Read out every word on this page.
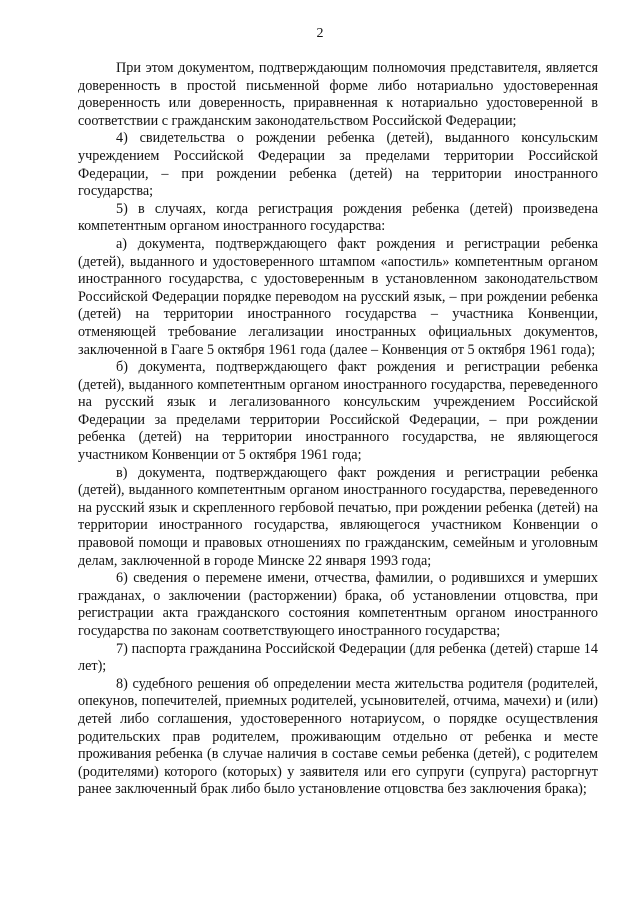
2

При этом документом, подтверждающим полномочия представителя, является доверенность в простой письменной форме либо нотариально удостоверенная доверенность или доверенность, приравненная к нотариально удостоверенной в соответствии с гражданским законодательством Российской Федерации;

4) свидетельства о рождении ребенка (детей), выданного консульским учреждением Российской Федерации за пределами территории Российской Федерации, – при рождении ребенка (детей) на территории иностранного государства;

5) в случаях, когда регистрация рождения ребенка (детей) произведена компетентным органом иностранного государства:

а) документа, подтверждающего факт рождения и регистрации ребенка (детей), выданного и удостоверенного штампом «апостиль» компетентным органом иностранного государства, с удостоверенным в установленном законодательством Российской Федерации порядке переводом на русский язык, – при рождении ребенка (детей) на территории иностранного государства – участника Конвенции, отменяющей требование легализации иностранных официальных документов, заключенной в Гааге 5 октября 1961 года (далее – Конвенция от 5 октября 1961 года);

б) документа, подтверждающего факт рождения и регистрации ребенка (детей), выданного компетентным органом иностранного государства, переведенного на русский язык и легализованного консульским учреждением Российской Федерации за пределами территории Российской Федерации, – при рождении ребенка (детей) на территории иностранного государства, не являющегося участником Конвенции от 5 октября 1961 года;

в) документа, подтверждающего факт рождения и регистрации ребенка (детей), выданного компетентным органом иностранного государства, переведенного на русский язык и скрепленного гербовой печатью, при рождении ребенка (детей) на территории иностранного государства, являющегося участником Конвенции о правовой помощи и правовых отношениях по гражданским, семейным и уголовным делам, заключенной в городе Минске 22 января 1993 года;

6) сведения о перемене имени, отчества, фамилии, о родившихся и умерших гражданах, о заключении (расторжении) брака, об установлении отцовства, при регистрации акта гражданского состояния компетентным органом иностранного государства по законам соответствующего иностранного государства;

7) паспорта гражданина Российской Федерации (для ребенка (детей) старше 14 лет);

8) судебного решения об определении места жительства родителя (родителей, опекунов, попечителей, приемных родителей, усыновителей, отчима, мачехи) и (или) детей либо соглашения, удостоверенного нотариусом, о порядке осуществления родительских прав родителем, проживающим отдельно от ребенка и месте проживания ребенка (в случае наличия в составе семьи ребенка (детей), с родителем (родителями) которого (которых) у заявителя или его супруги (супруга) расторгнут ранее заключенный брак либо было установление отцовства без заключения брака);
